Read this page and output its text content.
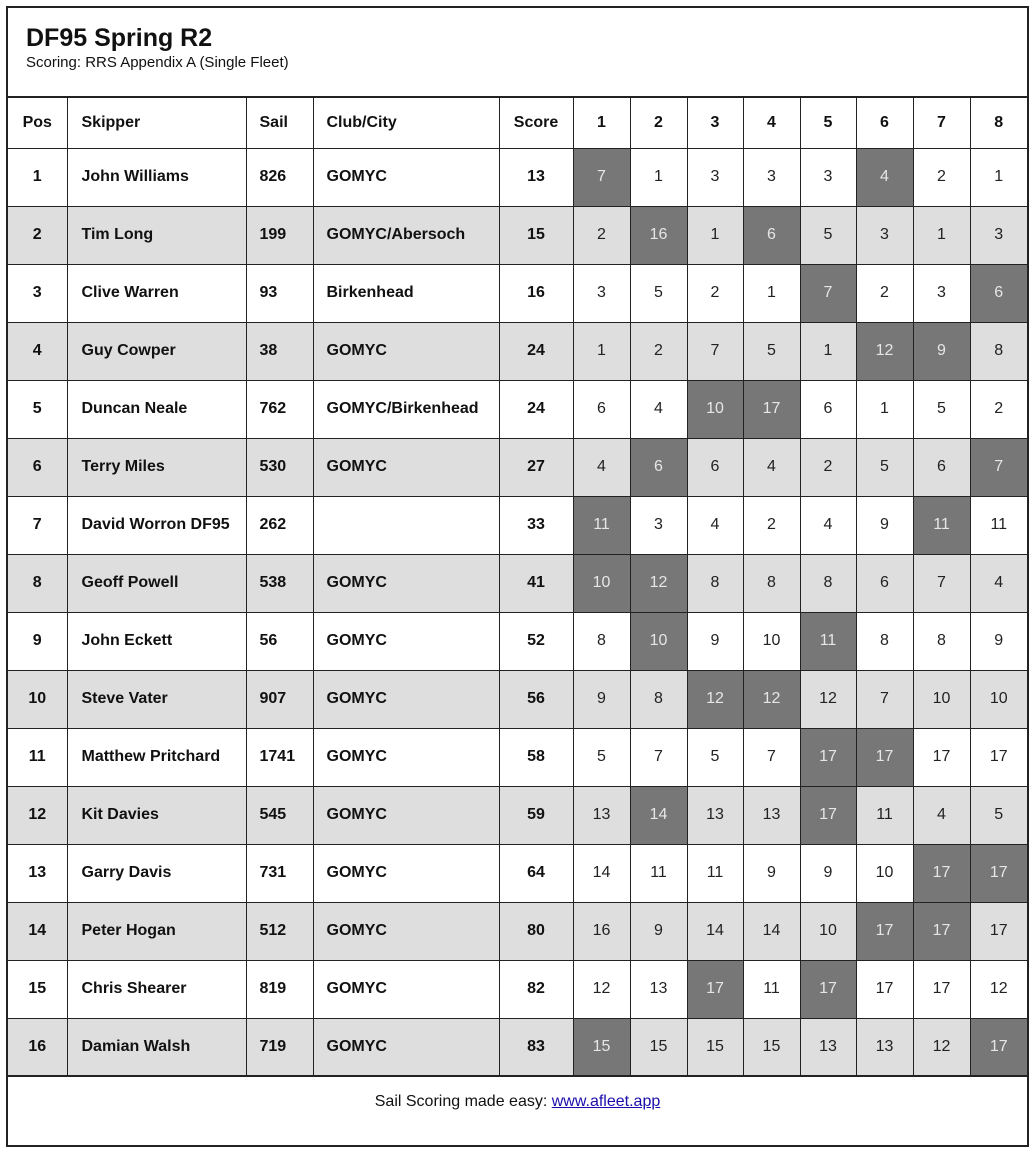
DF95 Spring R2
Scoring: RRS Appendix A (Single Fleet)
Pos	Skipper	Sail	Club/City	Score	1	2	3	4	5	6	7	8
1	John Williams	826	GOMYC	13	7	1	3	3	3	4	2	1
2	Tim Long	199	GOMYC/Abersoch	15	2	16	1	6	5	3	1	3
3	Clive Warren	93	Birkenhead	16	3	5	2	1	7	2	3	6
4	Guy Cowper	38	GOMYC	24	1	2	7	5	1	12	9	8
5	Duncan Neale	762	GOMYC/Birkenhead	24	6	4	10	17	6	1	5	2
6	Terry Miles	530	GOMYC	27	4	6	6	4	2	5	6	7
7	David Worron DF95	262		33	11	3	4	2	4	9	11	11
8	Geoff Powell	538	GOMYC	41	10	12	8	8	8	6	7	4
9	John Eckett	56	GOMYC	52	8	10	9	10	11	8	8	9
10	Steve Vater	907	GOMYC	56	9	8	12	12	12	7	10	10
11	Matthew Pritchard	1741	GOMYC	58	5	7	5	7	17	17	17	17
12	Kit Davies	545	GOMYC	59	13	14	13	13	17	11	4	5
13	Garry Davis	731	GOMYC	64	14	11	11	9	9	10	17	17
14	Peter Hogan	512	GOMYC	80	16	9	14	14	10	17	17	17
15	Chris Shearer	819	GOMYC	82	12	13	17	11	17	17	17	12
16	Damian Walsh	719	GOMYC	83	15	15	15	15	13	13	12	17
Sail Scoring made easy: www.afleet.app
